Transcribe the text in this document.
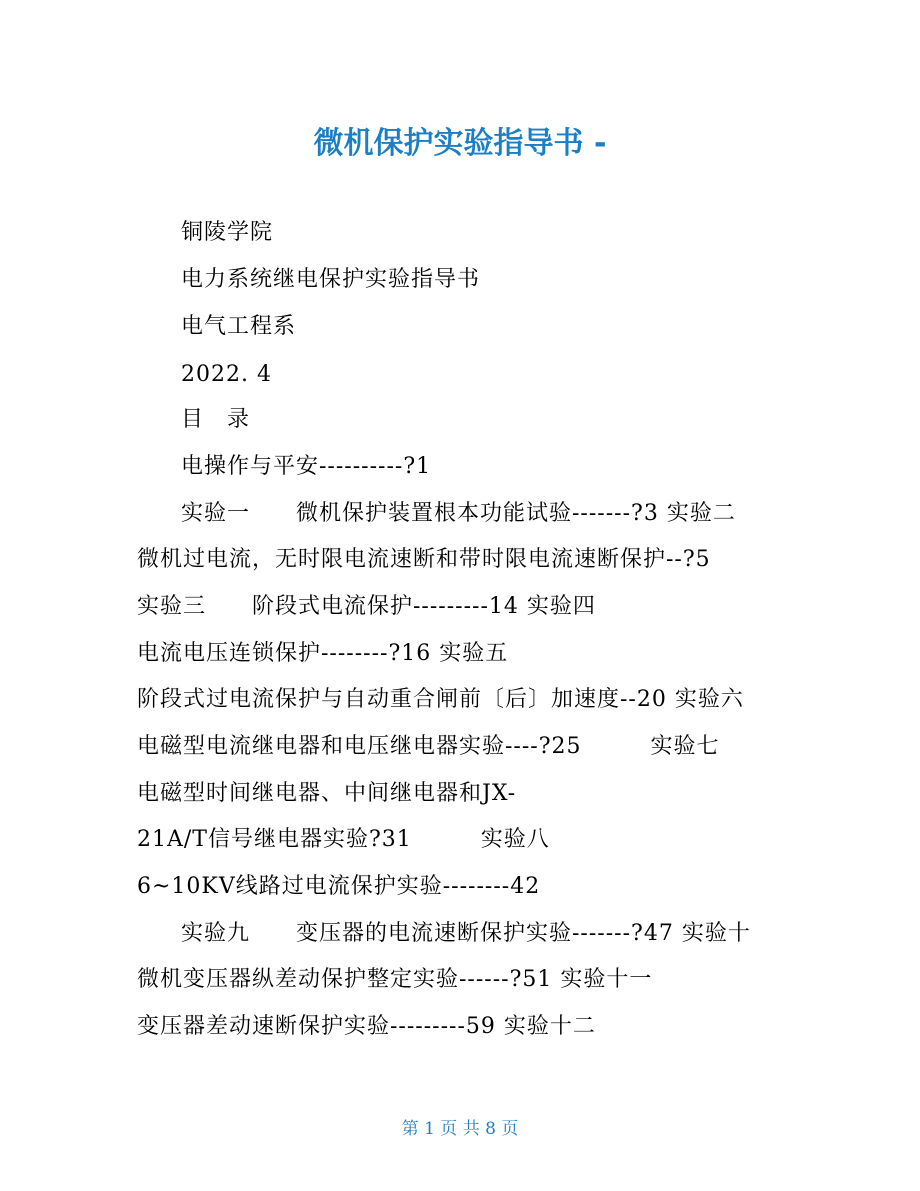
微机保护实验指导书 -
铜陵学院
电力系统继电保护实验指导书
电气工程系
2022. 4
目　录
电操作与平安----------?1
实验一　　微机保护装置根本功能试验-------?3 实验二
微机过电流，无时限电流速断和带时限电流速断保护--?5
实验三　　阶段式电流保护---------14 实验四
电流电压连锁保护--------?16 实验五
阶段式过电流保护与自动重合闸前〔后〕加速度--20 实验六
电磁型电流继电器和电压继电器实验----?25　　　实验七
电磁型时间继电器、中间继电器和JX-
21A/T信号继电器实验?31　　　实验八
6~10KV线路过电流保护实验--------42
实验九　　变压器的电流速断保护实验-------?47 实验十
微机变压器纵差动保护整定实验------?51 实验十一
变压器差动速断保护实验---------59 实验十二
第 1 页 共 8 页
